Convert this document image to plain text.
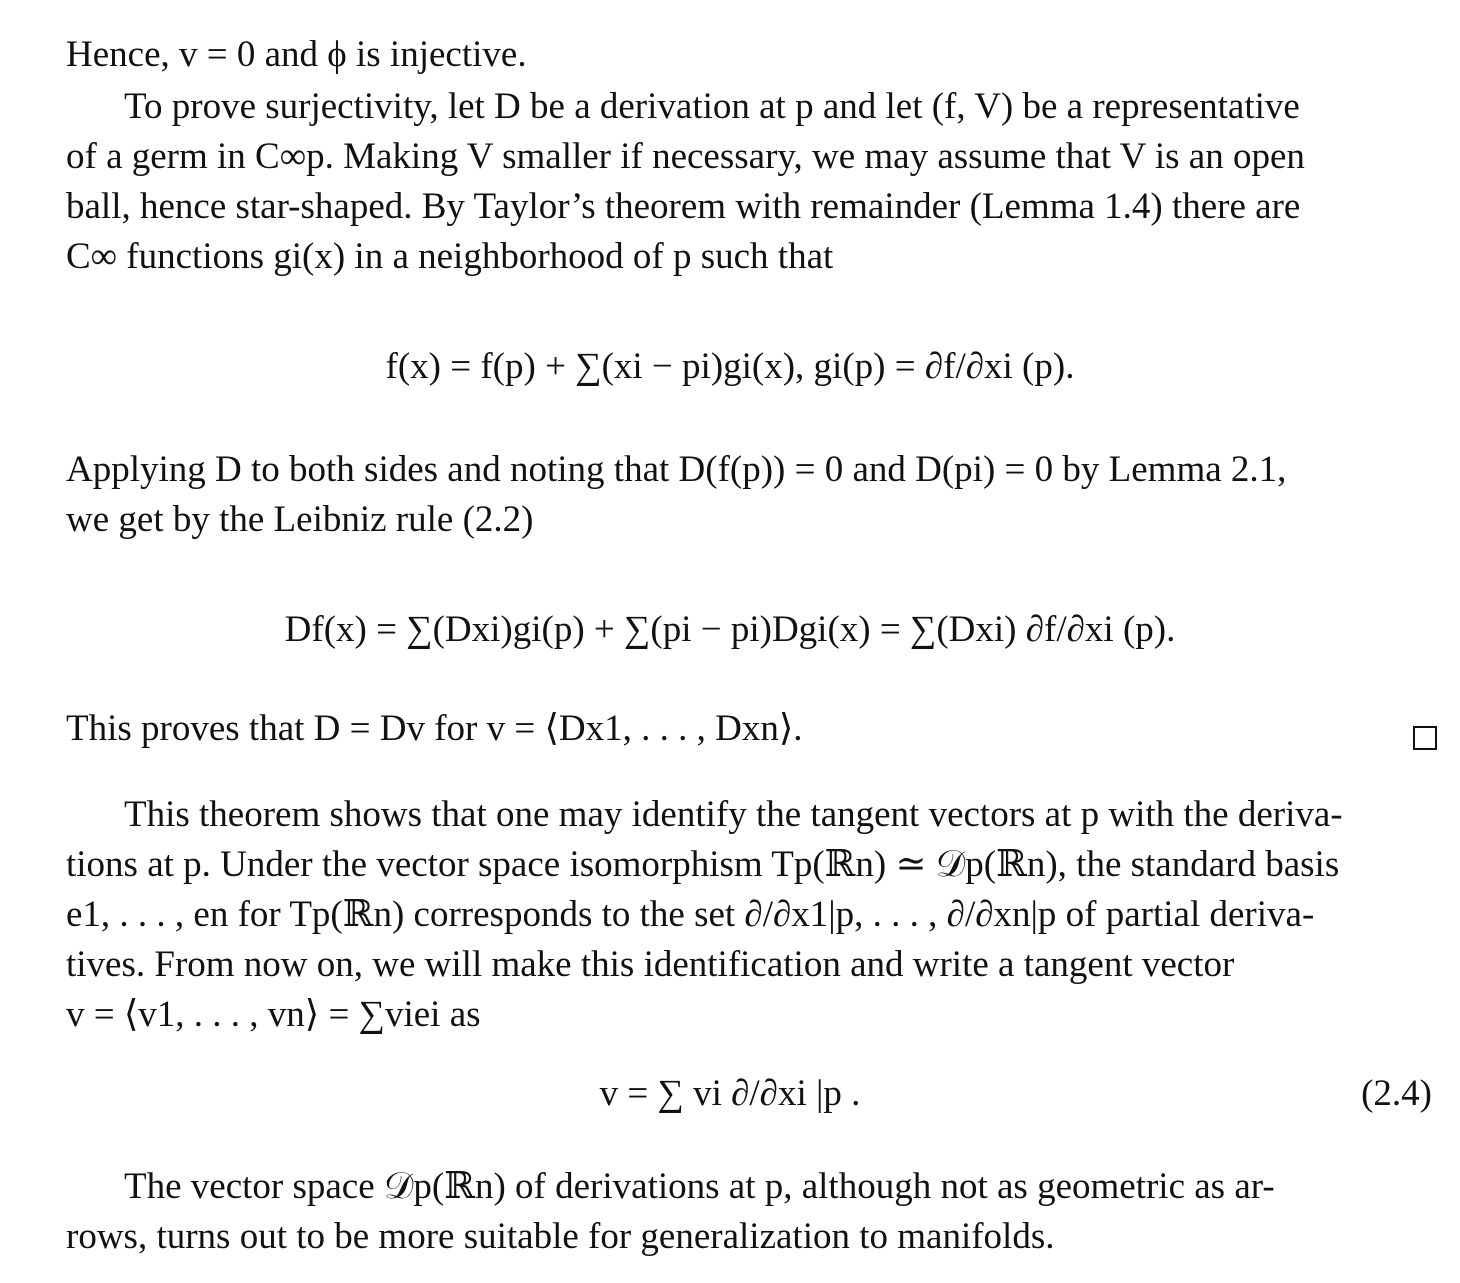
Hence, v = 0 and ϕ is injective.
To prove surjectivity, let D be a derivation at p and let (f, V) be a representative
of a germ in C∞p. Making V smaller if necessary, we may assume that V is an open
ball, hence star-shaped. By Taylor’s theorem with remainder (Lemma 1.4) there are
C∞ functions gi(x) in a neighborhood of p such that
f(x) = f(p) + ∑(xi − pi)gi(x), gi(p) = ∂f/∂xi (p).
Applying D to both sides and noting that D(f(p)) = 0 and D(pi) = 0 by Lemma 2.1,
we get by the Leibniz rule (2.2)
Df(x) = ∑(Dxi)gi(p) + ∑(pi − pi)Dgi(x) = ∑(Dxi) ∂f/∂xi (p).
This proves that D = Dv for v = ⟨Dx1, . . . , Dxn⟩.
This theorem shows that one may identify the tangent vectors at p with the deriva-
tions at p. Under the vector space isomorphism Tp(ℝn) ≃ 𝒟p(ℝn), the standard basis
e1, . . . , en for Tp(ℝn) corresponds to the set ∂/∂x1|p, . . . , ∂/∂xn|p of partial deriva-
tives. From now on, we will make this identification and write a tangent vector
v = ⟨v1, . . . , vn⟩ = ∑viei as
v = ∑ vi ∂/∂xi |p .	(2.4)
The vector space 𝒟p(ℝn) of derivations at p, although not as geometric as ar-
rows, turns out to be more suitable for generalization to manifolds.
